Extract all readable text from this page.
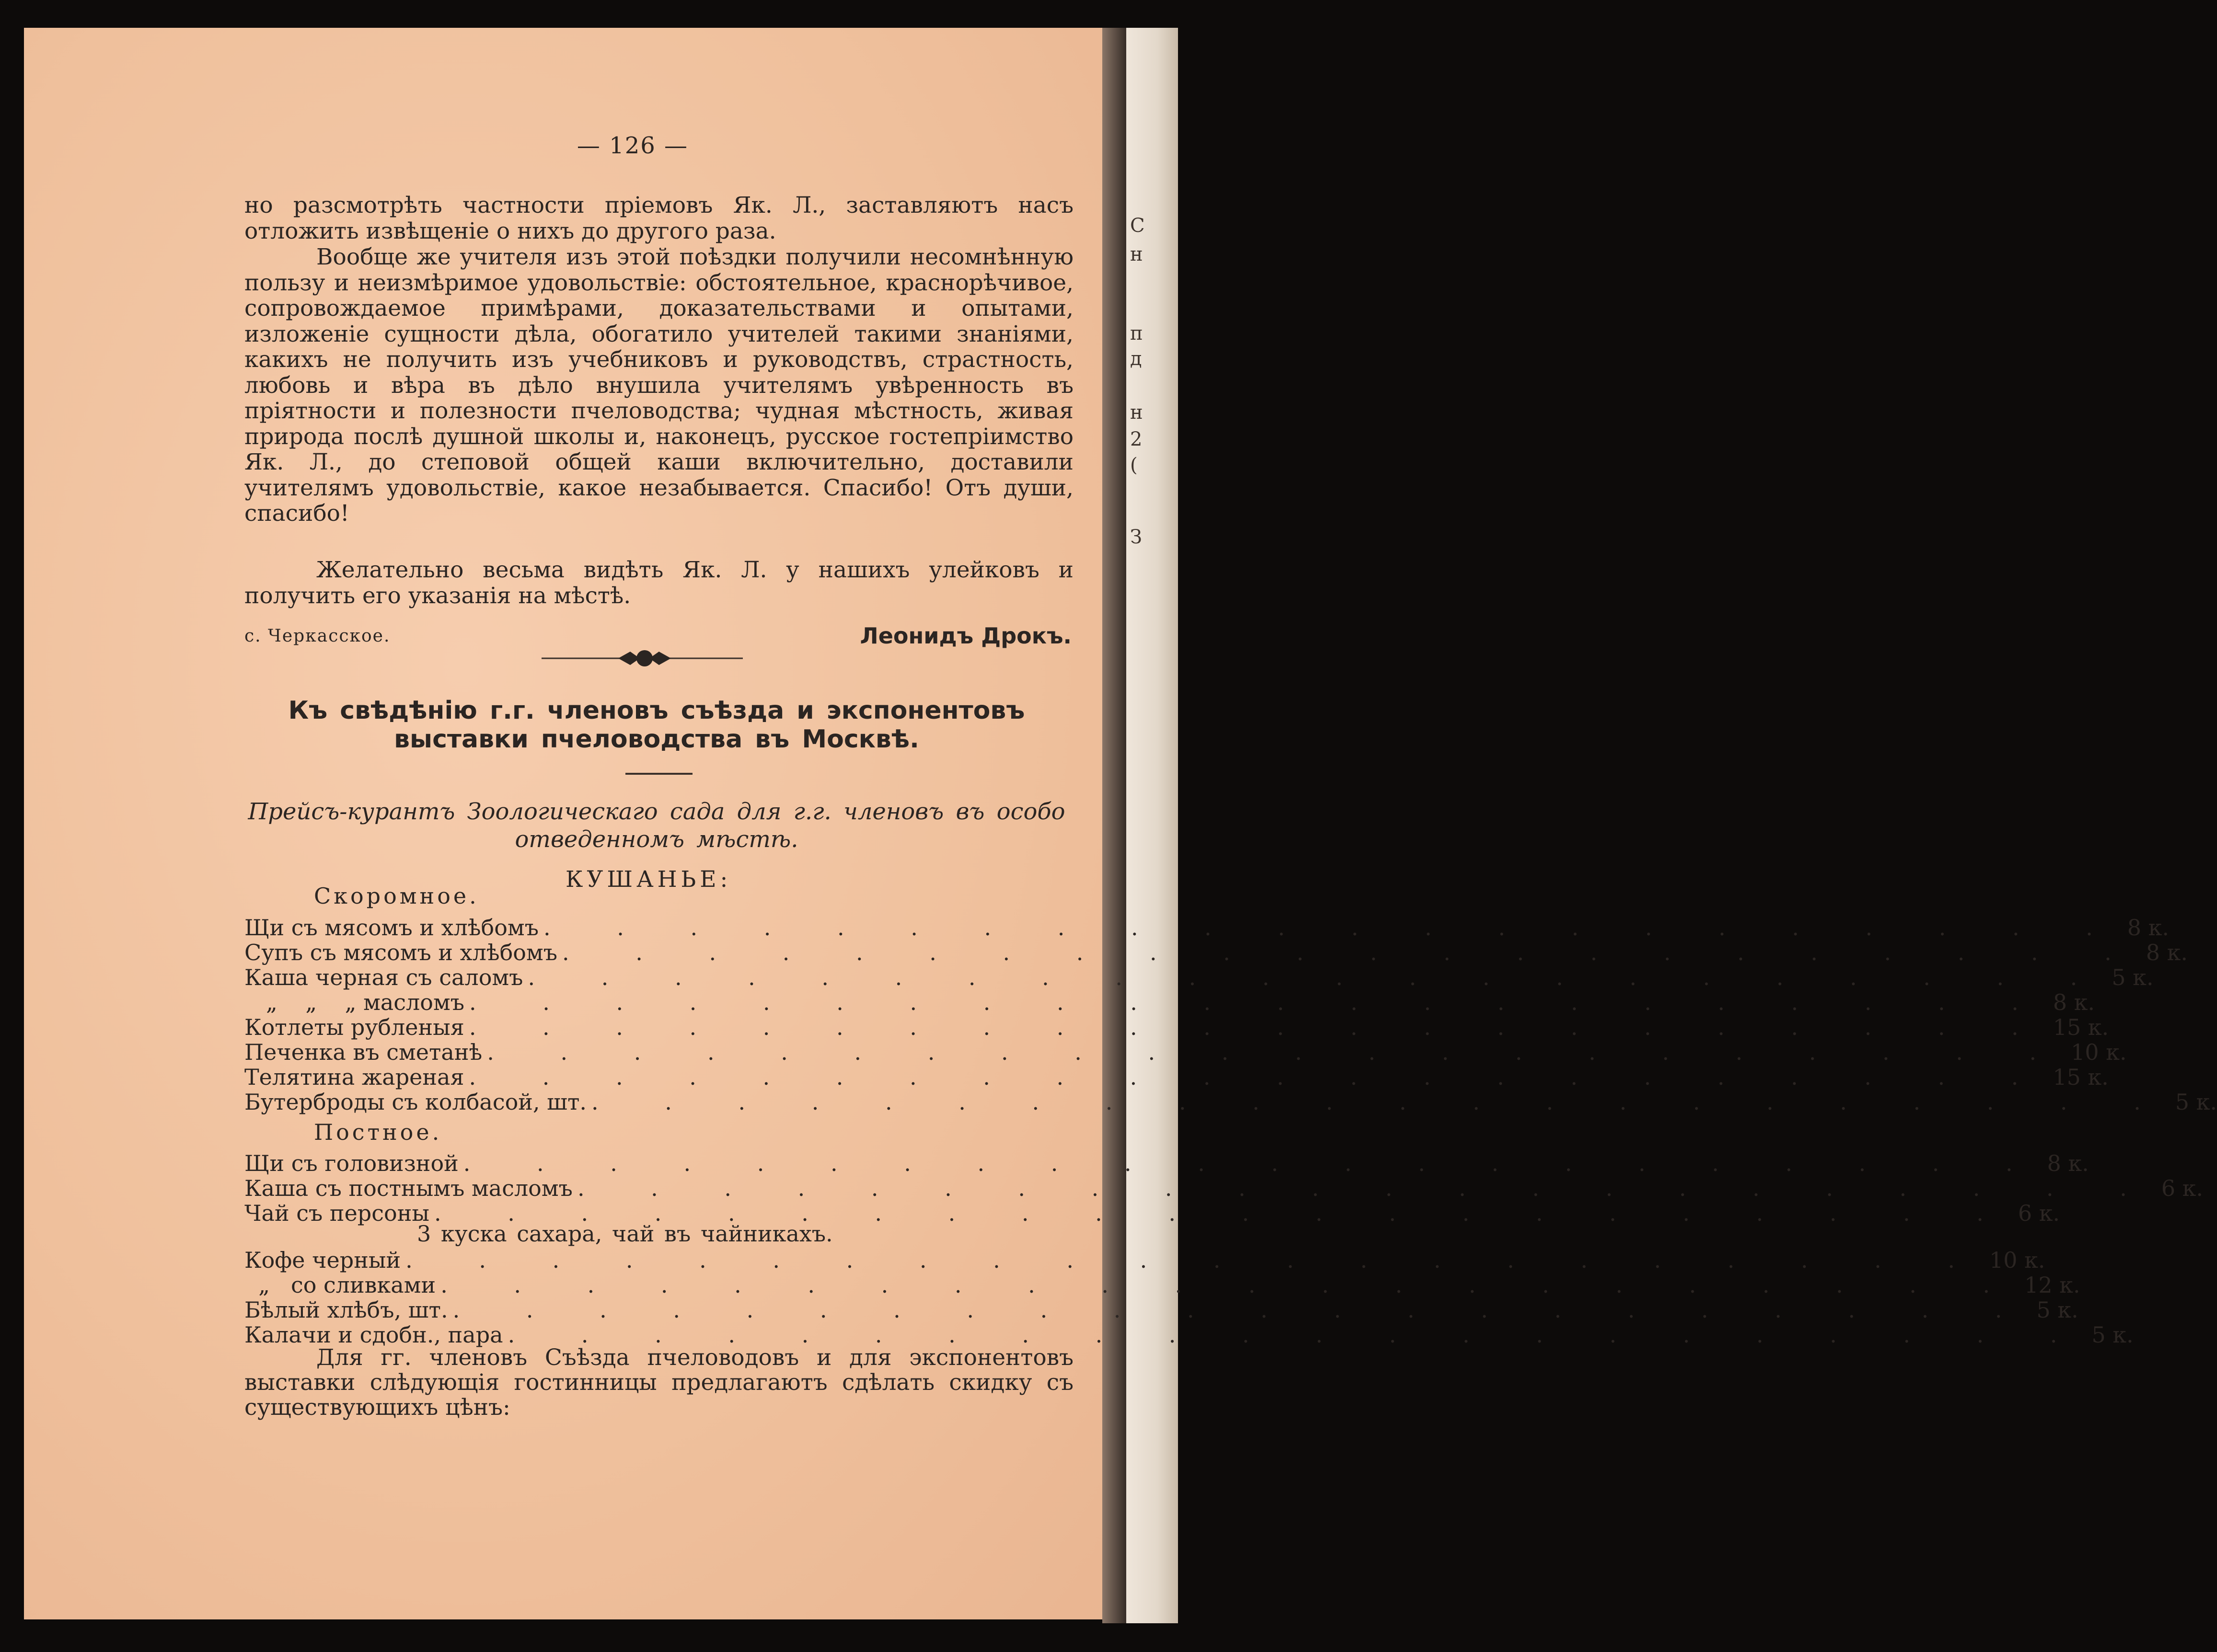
С
н
п
д
н
2
(
З
— 126 —

но разсмотрѣть частности пріемовъ Як. Л., заставляютъ насъ отложить извѣщеніе о нихъ до другого раза.

Вообще же учителя изъ этой поѣздки получили несомнѣнную пользу и неизмѣримое удовольствіе: обстоятельное, краснорѣчивое, сопровождаемое примѣрами, доказательствами и опытами, изложеніе сущности дѣла, обогатило учителей такими знаніями, какихъ не получить изъ учебниковъ и руководствъ, страстность, любовь и вѣра въ дѣло внушила учителямъ увѣренность въ пріятности и полезности пчеловодства; чудная мѣстность, живая природа послѣ душной школы и, наконецъ, русское гостепріимство Як. Л., до степовой общей каши включительно, доставили учителямъ удовольствіе, какое незабывается. Спасибо! Отъ души, спасибо!

Желательно весьма видѣть Як. Л. у нашихъ улейковъ и получить его указанія на мѣстѣ.

с. Черкасское.	Леонидъ Дрокъ.
Къ свѣдѣнію г.г. членовъ съѣзда и экспонентовъ выставки пчеловодства въ Москвѣ.

Прейсъ-курантъ Зоологическаго сада для г.г. членовъ въ особо отведенномъ мѣстѣ.

КУШАНЬЕ:
Скоромное.
Щи съ мясомъ и хлѣбомъ . . . . . . . . . . . . . . . . . . . . . . 8 к.
Супъ съ мясомъ и хлѣбомъ . . . . . . . . . . . . . . . . . . . . . . 8 к.
Каша черная съ саломъ . . . . . . . . . . . . . . . . . . . . . . 5 к.
„    „    „ масломъ . . . . . . . . . . . . . . . . . . . . . . 8 к.
Котлеты рубленыя . . . . . . . . . . . . . . . . . . . . . . 15 к.
Печенка въ сметанѣ . . . . . . . . . . . . . . . . . . . . . . 10 к.
Телятина жареная . . . . . . . . . . . . . . . . . . . . . . 15 к.
Бутерброды съ колбасой, шт. . . . . . . . . . . . . . . . . . . . . . . 5 к.
Постное.
Щи съ головизной . . . . . . . . . . . . . . . . . . . . . . 8 к.
Каша съ постнымъ масломъ . . . . . . . . . . . . . . . . . . . . . . 6 к.
Чай съ персоны . . . . . . . . . . . . . . . . . . . . . . 6 к.
3 куска сахара, чай въ чайникахъ.
Кофе черный . . . . . . . . . . . . . . . . . . . . . . 10 к.
„   со сливками . . . . . . . . . . . . . . . . . . . . . . 12 к.
Бѣлый хлѣбъ, шт. . . . . . . . . . . . . . . . . . . . . . . 5 к.
Калачи и сдобн., пара . . . . . . . . . . . . . . . . . . . . . . 5 к.

Для гг. членовъ Съѣзда пчеловодовъ и для экспонентовъ выставки слѣдующія гостинницы предлагаютъ сдѣлать скидку съ существующихъ цѣнъ:
